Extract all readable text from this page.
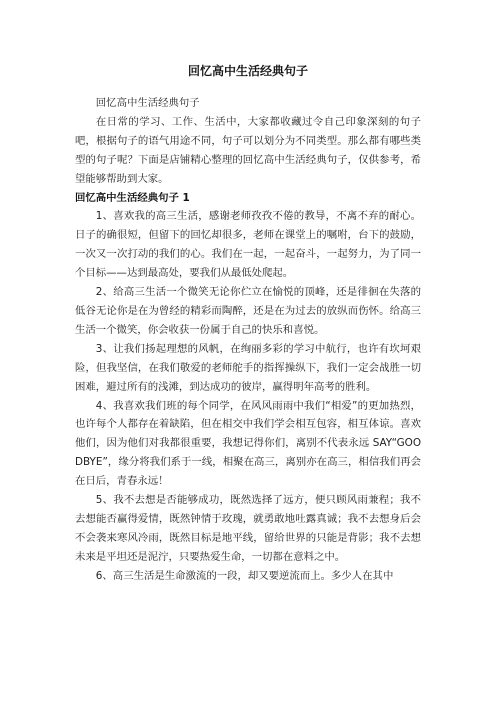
回忆高中生活经典句子

回忆高中生活经典句子

在日常的学习、工作、生活中，大家都收藏过令自己印象深刻的句子吧，根据句子的语气用途不同，句子可以划分为不同类型。那么都有哪些类型的句子呢？下面是店铺精心整理的回忆高中生活经典句子，仅供参考，希望能够帮助到大家。

回忆高中生活经典句子 1

1、喜欢我的高三生活，感谢老师孜孜不倦的教导，不离不弃的耐心。日子的确很短，但留下的回忆却很多，老师在课堂上的嘱咐，台下的鼓励，一次又一次打动的我们的心。我们在一起，一起奋斗，一起努力，为了同一个目标——达到最高处，要我们从最低处爬起。

2、给高三生活一个微笑无论你伫立在愉悦的顶峰，还是徘徊在失落的低谷无论你是在为曾经的精彩而陶醉，还是在为过去的放纵而伤怀。给高三生活一个微笑，你会收获一份属于自己的快乐和喜悦。

3、让我们扬起理想的风帆，在绚丽多彩的学习中航行，也许有坎坷艰险，但我坚信，在我们敬爱的老师舵手的指挥操纵下，我们一定会战胜一切困难，避过所有的浅滩，到达成功的彼岸，赢得明年高考的胜利。

4、我喜欢我们班的每个同学，在风风雨雨中我们“相爱”的更加热烈，也许每个人都存在着缺陷，但在相交中我们学会相互包容，相互体谅。喜欢他们，因为他们对我都很重要，我想记得你们，离别不代表永远 SAY“GOODBYE”，缘分将我们系于一线，相聚在高三，离别亦在高三，相信我们再会在日后，青春永远！

5、我不去想是否能够成功，既然选择了远方，便只顾风雨兼程；我不去想能否赢得爱情，既然钟情于玫瑰，就勇敢地吐露真诚；我不去想身后会不会袭来寒风冷雨，既然目标是地平线，留给世界的只能是背影；我不去想未来是平坦还是泥泞，只要热爱生命，一切都在意料之中。

6、高三生活是生命激流的一段，却又要逆流而上。多少人在其中
